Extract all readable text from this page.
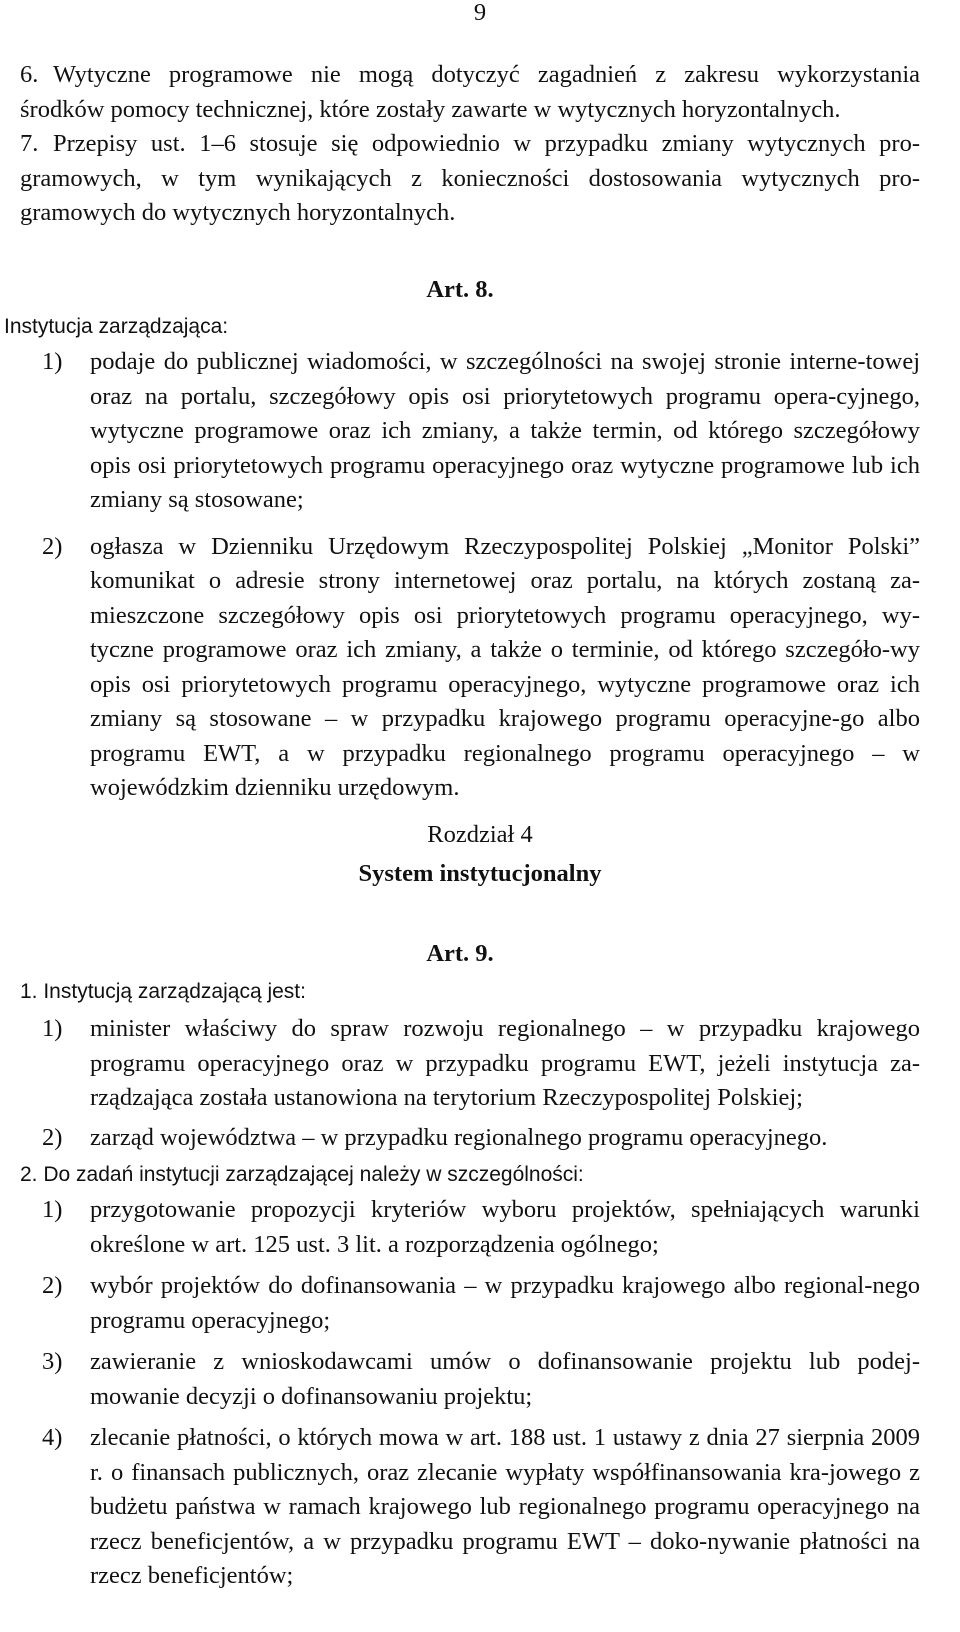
9
6. Wytyczne programowe nie mogą dotyczyć zagadnień z zakresu wykorzystania
środków pomocy technicznej, które zostały zawarte w wytycznych horyzontalnych.
7. Przepisy ust. 1–6 stosuje się odpowiednio w przypadku zmiany wytycznych pro-
gramowych, w tym wynikających z konieczności dostosowania wytycznych pro-
gramowych do wytycznych horyzontalnych.
Art. 8.
Instytucja zarządzająca:
1)	podaje do publicznej wiadomości, w szczególności na swojej stronie interne-towej oraz na portalu, szczegółowy opis osi priorytetowych programu opera-cyjnego, wytyczne programowe oraz ich zmiany, a także termin, od którego szczegółowy opis osi priorytetowych programu operacyjnego oraz wytyczne programowe lub ich zmiany są stosowane;
2)	ogłasza w Dzienniku Urzędowym Rzeczypospolitej Polskiej „Monitor Polski” komunikat o adresie strony internetowej oraz portalu, na których zostaną za-mieszczone szczegółowy opis osi priorytetowych programu operacyjnego, wy-tyczne programowe oraz ich zmiany, a także o terminie, od którego szczegóło-wy opis osi priorytetowych programu operacyjnego, wytyczne programowe oraz ich zmiany są stosowane – w przypadku krajowego programu operacyjne-go albo programu EWT, a w przypadku regionalnego programu operacyjnego – w wojewódzkim dzienniku urzędowym.
Rozdział 4
System instytucjonalny
Art. 9.
1. Instytucją zarządzającą jest:
1)	minister właściwy do spraw rozwoju regionalnego – w przypadku krajowego programu operacyjnego oraz w przypadku programu EWT, jeżeli instytucja za-rządzająca została ustanowiona na terytorium Rzeczypospolitej Polskiej;
2)	zarząd województwa – w przypadku regionalnego programu operacyjnego.
2. Do zadań instytucji zarządzającej należy w szczególności:
1)	przygotowanie propozycji kryteriów wyboru projektów, spełniających warunki określone w art. 125 ust. 3 lit. a rozporządzenia ogólnego;
2)	wybór projektów do dofinansowania – w przypadku krajowego albo regional-nego programu operacyjnego;
3)	zawieranie z wnioskodawcami umów o dofinansowanie projektu lub podej-mowanie decyzji o dofinansowaniu projektu;
4)	zlecanie płatności, o których mowa w art. 188 ust. 1 ustawy z dnia 27 sierpnia 2009 r. o finansach publicznych, oraz zlecanie wypłaty współfinansowania kra-jowego z budżetu państwa w ramach krajowego lub regionalnego programu operacyjnego na rzecz beneficjentów, a w przypadku programu EWT – doko-nywanie płatności na rzecz beneficjentów;
